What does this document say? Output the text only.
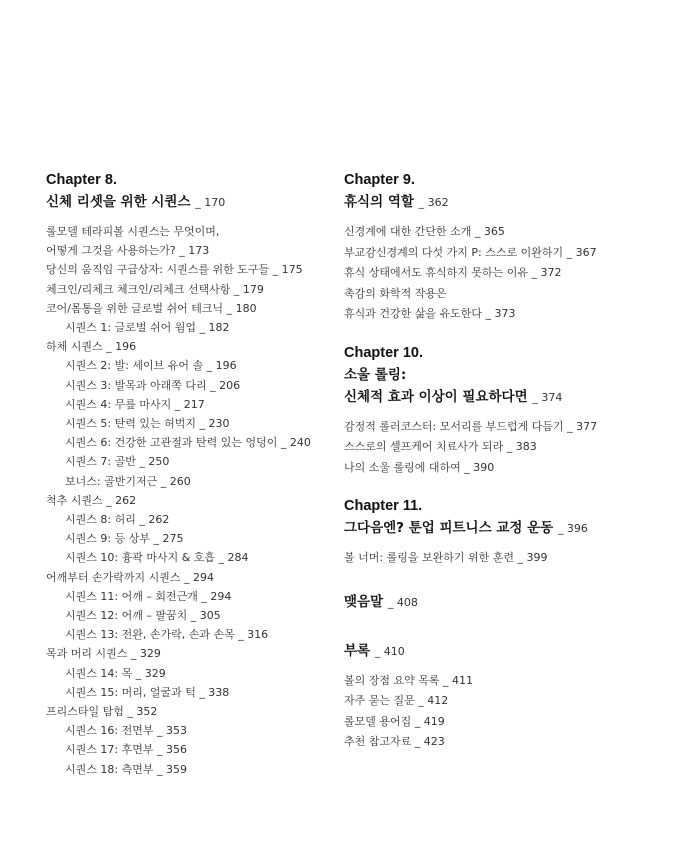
Chapter 8.
신체 리셋을 위한 시퀀스 _ 170
롤모델 테라피볼 시퀀스는 무엇이며,
어떻게 그것을 사용하는가? _ 173
당신의 움직임 구급상자: 시퀀스를 위한 도구들 _ 175
체크인/리체크 체크인/리체크 선택사항 _ 179
코어/몸통을 위한 글로벌 쉬어 테크닉 _ 180
시퀀스 1: 글로벌 쉬어 웜업 _ 182
하체 시퀀스 _ 196
시퀀스 2: 발: 세이브 유어 솔 _ 196
시퀀스 3: 발목과 아래쪽 다리 _ 206
시퀀스 4: 무릎 마사지 _ 217
시퀀스 5: 탄력 있는 허벅지 _ 230
시퀀스 6: 건강한 고관절과 탄력 있는 엉덩이 _ 240
시퀀스 7: 골반 _ 250
보너스: 골반기저근 _ 260
척추 시퀀스 _ 262
시퀀스 8: 허리 _ 262
시퀀스 9: 등 상부 _ 275
시퀀스 10: 흉곽 마사지 & 호흡 _ 284
어깨부터 손가락까지 시퀀스 _ 294
시퀀스 11: 어깨 – 회전근개 _ 294
시퀀스 12: 어깨 – 팔꿈치 _ 305
시퀀스 13: 전완, 손가락, 손과 손목 _ 316
목과 머리 시퀀스 _ 329
시퀀스 14: 목 _ 329
시퀀스 15: 머리, 얼굴과 턱 _ 338
프리스타일 탐험 _ 352
시퀀스 16: 전면부 _ 353
시퀀스 17: 후면부 _ 356
시퀀스 18: 측면부 _ 359
Chapter 9.
휴식의 역할 _ 362
신경계에 대한 간단한 소개 _ 365
부교감신경계의 다섯 가지 P: 스스로 이완하기 _ 367
휴식 상태에서도 휴식하지 못하는 이유 _ 372
촉감의 화학적 작용은
휴식과 건강한 삶을 유도한다 _ 373
Chapter 10.
소울 롤링:
신체적 효과 이상이 필요하다면 _ 374
감정적 롤러코스터: 모서리를 부드럽게 다듬기 _ 377
스스로의 셀프케어 치료사가 되라 _ 383
나의 소울 롤링에 대하여 _ 390
Chapter 11.
그다음엔? 툰업 피트니스 교정 운동 _ 396
볼 너머: 롤링을 보완하기 위한 훈련 _ 399
맺음말 _ 408
부록 _ 410
볼의 장점 요약 목록 _ 411
자주 묻는 질문 _ 412
롤모델 용어집 _ 419
추천 참고자료 _ 423
